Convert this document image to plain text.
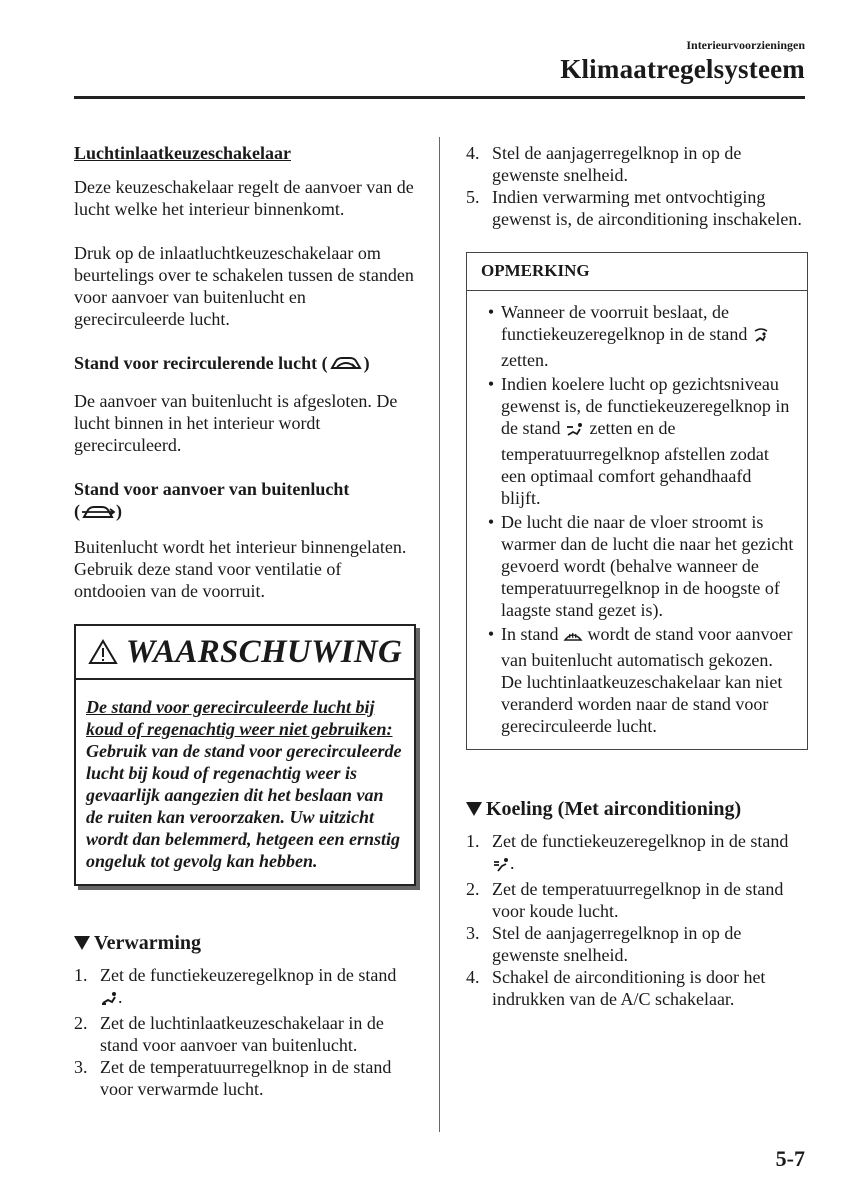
Interieurvoorzieningen
Klimaatregelsysteem
Luchtinlaatkeuzeschakelaar

Deze keuzeschakelaar regelt de aanvoer van de lucht welke het interieur binnenkomt.

Druk op de inlaatluchtkeuzeschakelaar om beurtelings over te schakelen tussen de standen voor aanvoer van buitenlucht en gerecirculeerde lucht.

Stand voor recirculerende lucht ( )

De aanvoer van buitenlucht is afgesloten. De lucht binnen in het interieur wordt gerecirculeerd.

Stand voor aanvoer van buitenlucht
( )

Buitenlucht wordt het interieur binnengelaten. Gebruik deze stand voor ventilatie of ontdooien van de voorruit.

WAARSCHUWING
De stand voor gerecirculeerde lucht bij koud of regenachtig weer niet gebruiken:
Gebruik van de stand voor gerecirculeerde lucht bij koud of regenachtig weer is gevaarlijk aangezien dit het beslaan van de ruiten kan veroorzaken. Uw uitzicht wordt dan belemmerd, hetgeen een ernstig ongeluk tot gevolg kan hebben.
Verwarming
1. Zet de functiekeuzeregelknop in de stand .
2. Zet de luchtinlaatkeuzeschakelaar in de stand voor aanvoer van buitenlucht.
3. Zet de temperatuurregelknop in de stand voor verwarmde lucht.
4. Stel de aanjagerregelknop in op de gewenste snelheid.
5. Indien verwarming met ontvochtiging gewenst is, de airconditioning inschakelen.
OPMERKING
• Wanneer de voorruit beslaat, de functiekeuzeregelknop in de stand  zetten.
• Indien koelere lucht op gezichtsniveau gewenst is, de functiekeuzeregelknop in de stand  zetten en de temperatuurregelknop afstellen zodat een optimaal comfort gehandhaafd blijft.
• De lucht die naar de vloer stroomt is warmer dan de lucht die naar het gezicht gevoerd wordt (behalve wanneer de temperatuurregelknop in de hoogste of laagste stand gezet is).
• In stand  wordt de stand voor aanvoer van buitenlucht automatisch gekozen. De luchtinlaatkeuzeschakelaar kan niet veranderd worden naar de stand voor gerecirculeerde lucht.
Koeling (Met airconditioning)
1. Zet de functiekeuzeregelknop in de stand .
2. Zet de temperatuurregelknop in de stand voor koude lucht.
3. Stel de aanjagerregelknop in op de gewenste snelheid.
4. Schakel de airconditioning is door het indrukken van de A/C schakelaar.
5-7
